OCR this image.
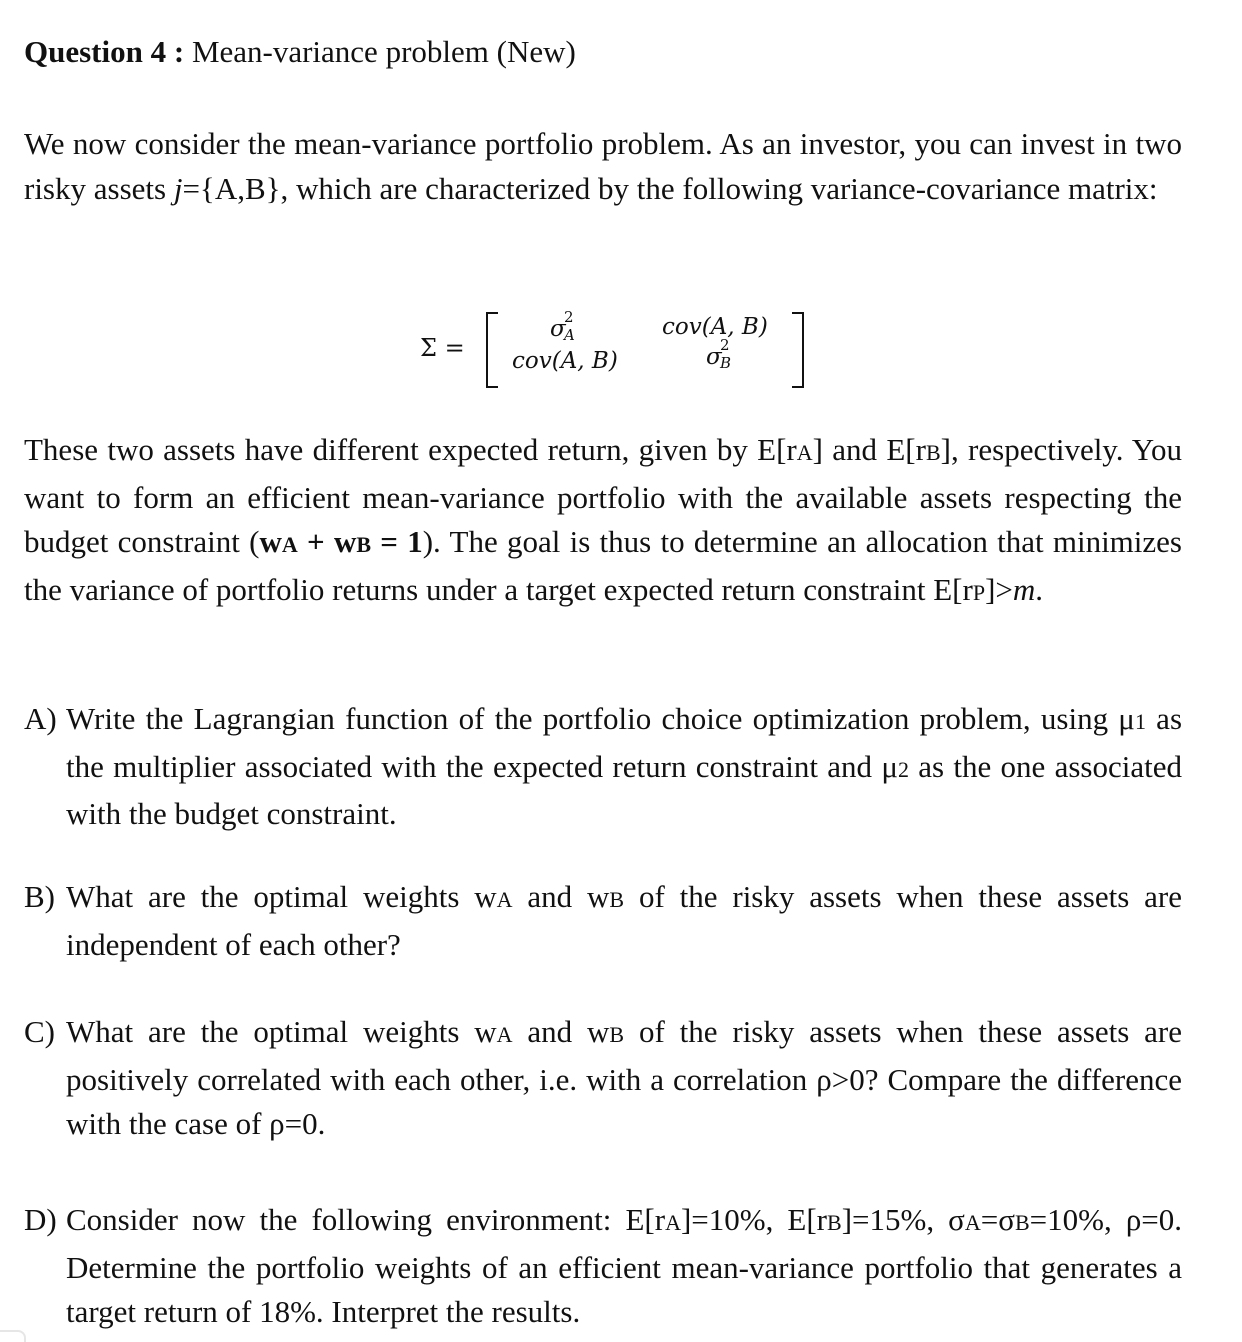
Question 4 : Mean-variance problem (New)
We now consider the mean-variance portfolio problem. As an investor, you can invest in two risky assets j={A,B}, which are characterized by the following variance-covariance matrix:
Σ =
σ
2
A	cov(A, B)
cov(A, B)	σ
2
B
These two assets have different expected return, given by E[rA] and E[rB], respectively. You want to form an efficient mean-variance portfolio with the available assets respecting the budget constraint (wA + wB = 1). The goal is thus to determine an allocation that minimizes the variance of portfolio returns under a target expected return constraint E[rP]>m.
A) Write the Lagrangian function of the portfolio choice optimization problem, using μ1 as the multiplier associated with the expected return constraint and μ2 as the one associated with the budget constraint.
B) What are the optimal weights wA and wB of the risky assets when these assets are independent of each other?
C) What are the optimal weights wA and wB of the risky assets when these assets are positively correlated with each other, i.e. with a correlation ρ>0? Compare the difference with the case of ρ=0.
D) Consider now the following environment: E[rA]=10%, E[rB]=15%, σA=σB=10%, ρ=0. Determine the portfolio weights of an efficient mean-variance portfolio that generates a target return of 18%. Interpret the results.
